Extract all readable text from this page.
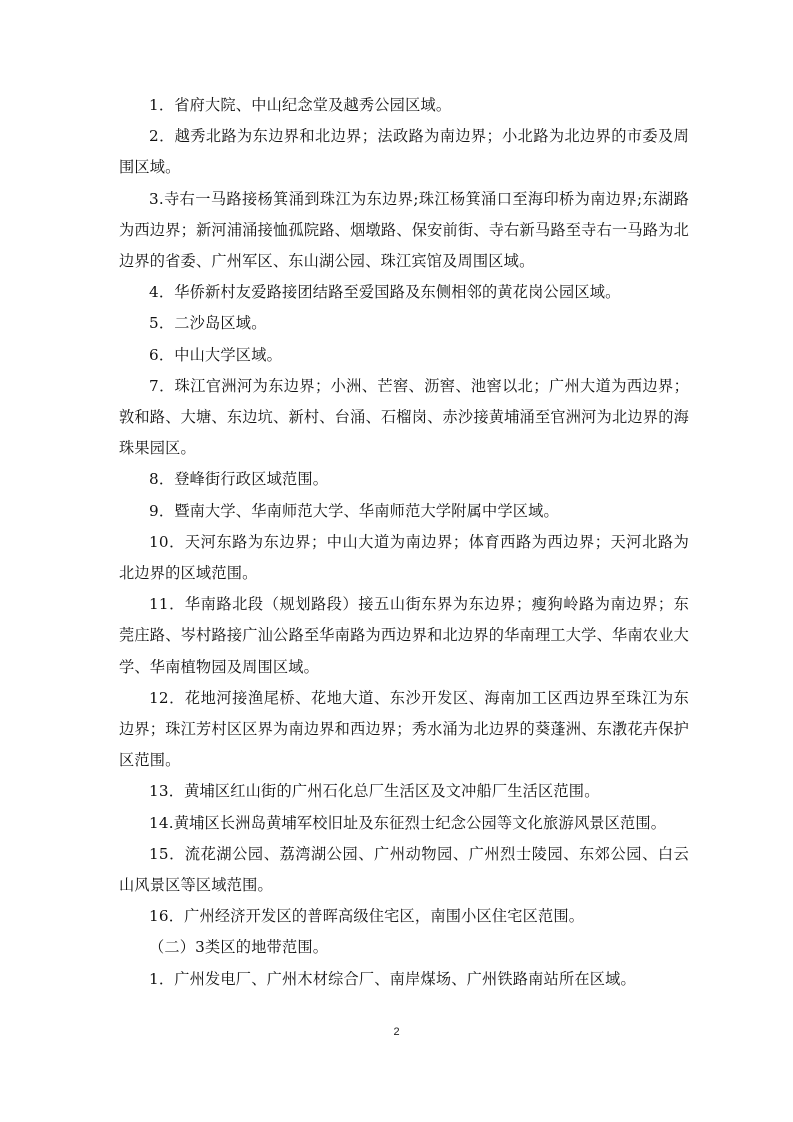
1．省府大院、中山纪念堂及越秀公园区域。

2．越秀北路为东边界和北边界；法政路为南边界；小北路为北边界的市委及周围区域。

3.寺右一马路接杨箕涌到珠江为东边界;珠江杨箕涌口至海印桥为南边界;东湖路为西边界；新河浦涌接恤孤院路、烟墩路、保安前街、寺右新马路至寺右一马路为北边界的省委、广州军区、东山湖公园、珠江宾馆及周围区域。

4．华侨新村友爱路接团结路至爱国路及东侧相邻的黄花岗公园区域。

5．二沙岛区域。

6．中山大学区域。

7．珠江官洲河为东边界；小洲、芒窖、沥窖、池窖以北；广州大道为西边界；敦和路、大塘、东边坑、新村、台涌、石榴岗、赤沙接黄埔涌至官洲河为北边界的海珠果园区。

8．登峰街行政区域范围。

9．暨南大学、华南师范大学、华南师范大学附属中学区域。

10．天河东路为东边界；中山大道为南边界；体育西路为西边界；天河北路为北边界的区域范围。

11．华南路北段（规划路段）接五山街东界为东边界；瘦狗岭路为南边界；东莞庄路、岑村路接广汕公路至华南路为西边界和北边界的华南理工大学、华南农业大学、华南植物园及周围区域。

12．花地河接渔尾桥、花地大道、东沙开发区、海南加工区西边界至珠江为东边界；珠江芳村区区界为南边界和西边界；秀水涌为北边界的葵蓬洲、东漖花卉保护区范围。

13．黄埔区红山街的广州石化总厂生活区及文冲船厂生活区范围。

14.黄埔区长洲岛黄埔军校旧址及东征烈士纪念公园等文化旅游风景区范围。

15．流花湖公园、荔湾湖公园、广州动物园、广州烈士陵园、东郊公园、白云山风景区等区域范围。

16．广州经济开发区的普晖高级住宅区，南围小区住宅区范围。

（二）3类区的地带范围。

1．广州发电厂、广州木材综合厂、南岸煤场、广州铁路南站所在区域。

2
